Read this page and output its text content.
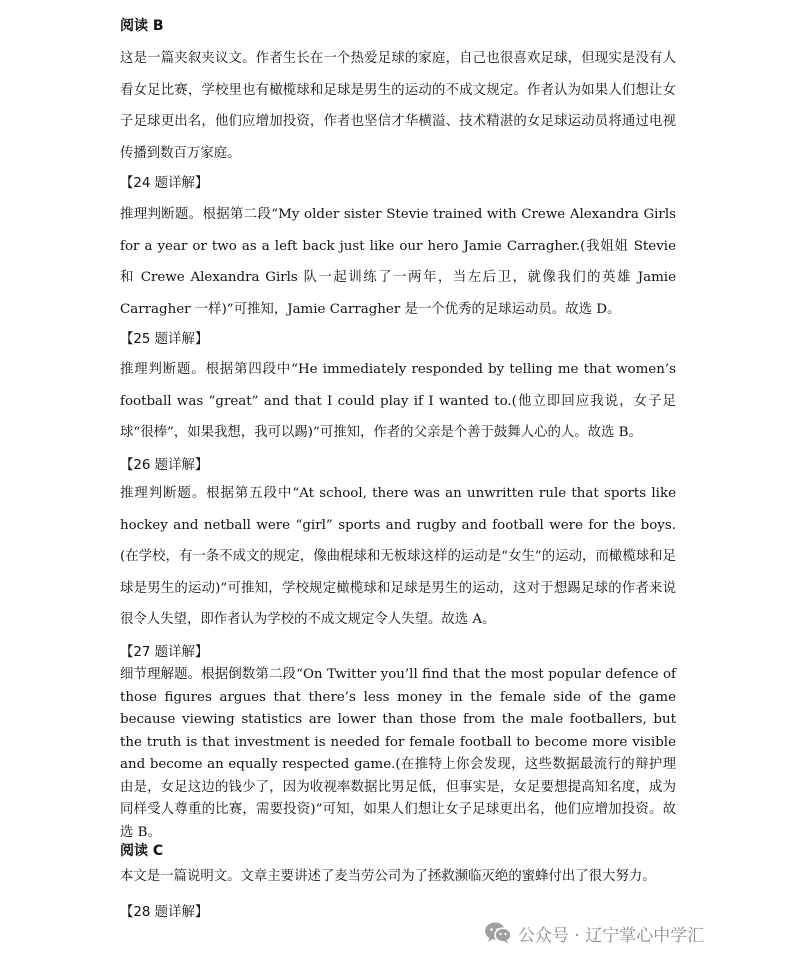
阅读 B

这是一篇夹叙夹议文。作者生长在一个热爱足球的家庭，自己也很喜欢足球，但现实是没有人看女足比赛，学校里也有橄榄球和足球是男生的运动的不成文规定。作者认为如果人们想让女子足球更出名，他们应增加投资，作者也坚信才华横溢、技术精湛的女足球运动员将通过电视传播到数百万家庭。

【24 题详解】

推理判断题。根据第二段“My older sister Stevie trained with Crewe Alexandra Girls for a year or two as a left back just like our hero Jamie Carragher.(我姐姐 Stevie 和 Crewe Alexandra Girls 队一起训练了一两年，当左后卫，就像我们的英雄 Jamie Carragher 一样)”可推知，Jamie Carragher 是一个优秀的足球运动员。故选 D。

【25 题详解】

推理判断题。根据第四段中“He immediately responded by telling me that women’s football was “great” and that I could play if I wanted to.(他立即回应我说，女子足球“很棒”，如果我想，我可以踢)”可推知，作者的父亲是个善于鼓舞人心的人。故选 B。

【26 题详解】

推理判断题。根据第五段中“At school, there was an unwritten rule that sports like hockey and netball were “girl” sports and rugby and football were for the boys.(在学校，有一条不成文的规定，像曲棍球和无板球这样的运动是“女生”的运动，而橄榄球和足球是男生的运动)”可推知，学校规定橄榄球和足球是男生的运动，这对于想踢足球的作者来说很令人失望，即作者认为学校的不成文规定令人失望。故选 A。

【27 题详解】

细节理解题。根据倒数第二段“On Twitter you’ll find that the most popular defence of those figures argues that there’s less money in the female side of the game because viewing statistics are lower than those from the male footballers, but the truth is that investment is needed for female football to become more visible and become an equally respected game.(在推特上你会发现，这些数据最流行的辩护理由是，女足这边的钱少了，因为收视率数据比男足低，但事实是，女足要想提高知名度，成为同样受人尊重的比赛，需要投资)”可知，如果人们想让女子足球更出名，他们应增加投资。故选 B。

阅读 C

本文是一篇说明文。文章主要讲述了麦当劳公司为了拯救濒临灭绝的蜜蜂付出了很大努力。

【28 题详解】
公众号 · 辽宁掌心中学汇
